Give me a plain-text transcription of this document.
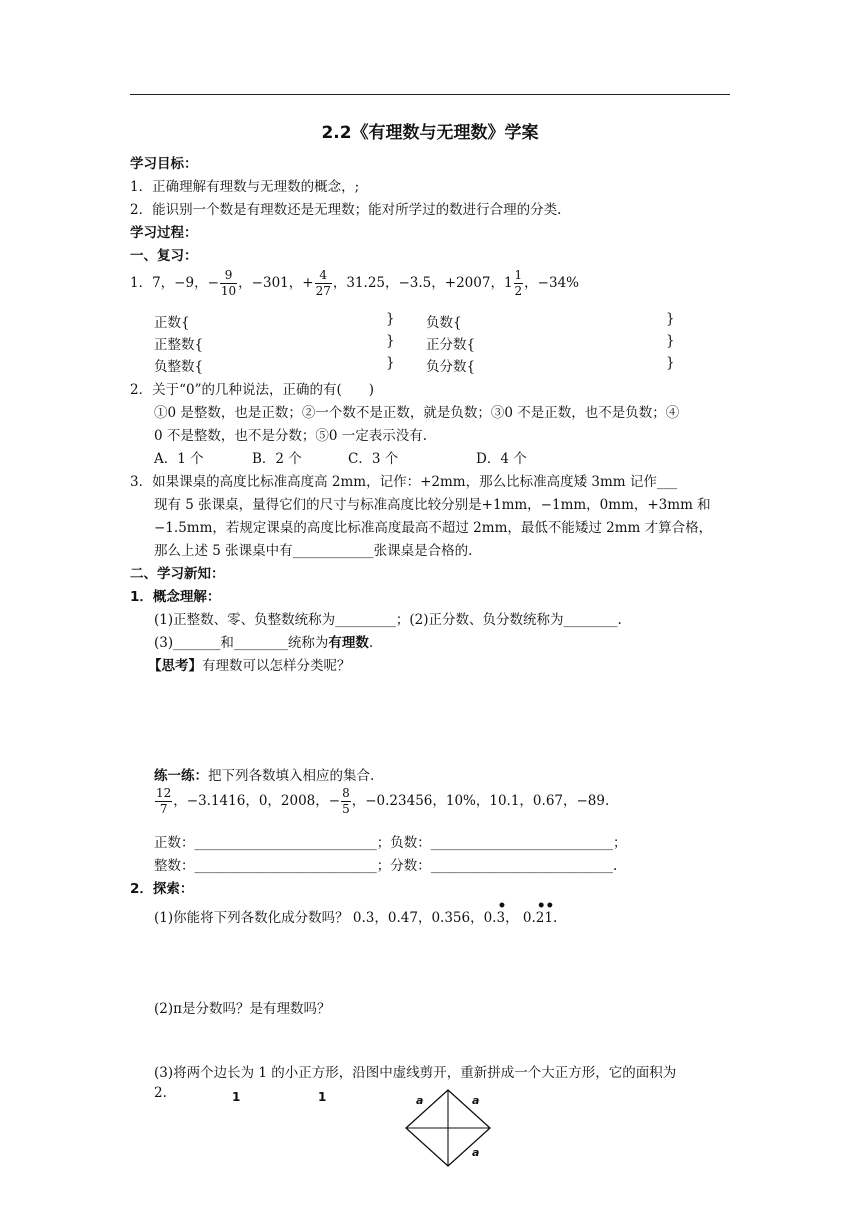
2.2《有理数与无理数》学案
学习目标：
1．正确理解有理数与无理数的概念，;
2．能识别一个数是有理数还是无理数；能对所学过的数进行合理的分类.
学习过程：
一、复习：
1．7，−9，− $\frac{9}{10}$ ，−301，+ $\frac{4}{27}$ ，31.25，−3.5，+2007，$1 \frac{1}{2}$ ，−34%
正数{	} 负数{	}
正整数{	} 正分数{	}
负整数{	} 负分数{	}
2．关于“0”的几种说法，正确的有(　　)
①0 是整数，也是正数；②一个数不是正数，就是负数；③0 不是正数，也不是负数；④
0 不是整数，也不是分数；⑤0 一定表示没有.
A．1 个	B．2 个	C．3 个	D．4 个
3．如果课桌的高度比标准高度高 2mm，记作：+2mm，那么比标准高度矮 3mm 记作___
现有 5 张课桌，量得它们的尺寸与标准高度比较分别是+1mm，−1mm，0mm，+3mm 和
−1.5mm，若规定课桌的高度比标准高度最高不超过 2mm，最低不能矮过 2mm 才算合格，
那么上述 5 张课桌中有____________张课桌是合格的.
二、学习新知：
1．概念理解：
(1)正整数、零、负整数统称为_________；(2)正分数、负分数统称为________.
(3)_______和________统称为有理数.
【思考】有理数可以怎样分类呢？
练一练：把下列各数填入相应的集合.
$\frac{12}{7}$ ，−3.1416，0，2008，− $\frac{8}{5}$ ，−0.23456，10%，10.1，0.67，−89.
正数：___________________________；负数：___________________________；
整数：___________________________；分数：___________________________.
2．探索：
(1)你能将下列各数化成分数吗？ 0.3，0.47，0.356，0.
•
3， 0.
•
2
•
1.
(2)π是分数吗？是有理数吗？
(3)将两个边长为 1 的小正方形，沿图中虚线剪开，重新拼成一个大正方形，它的面积为
2.	1	1	a	a
a
